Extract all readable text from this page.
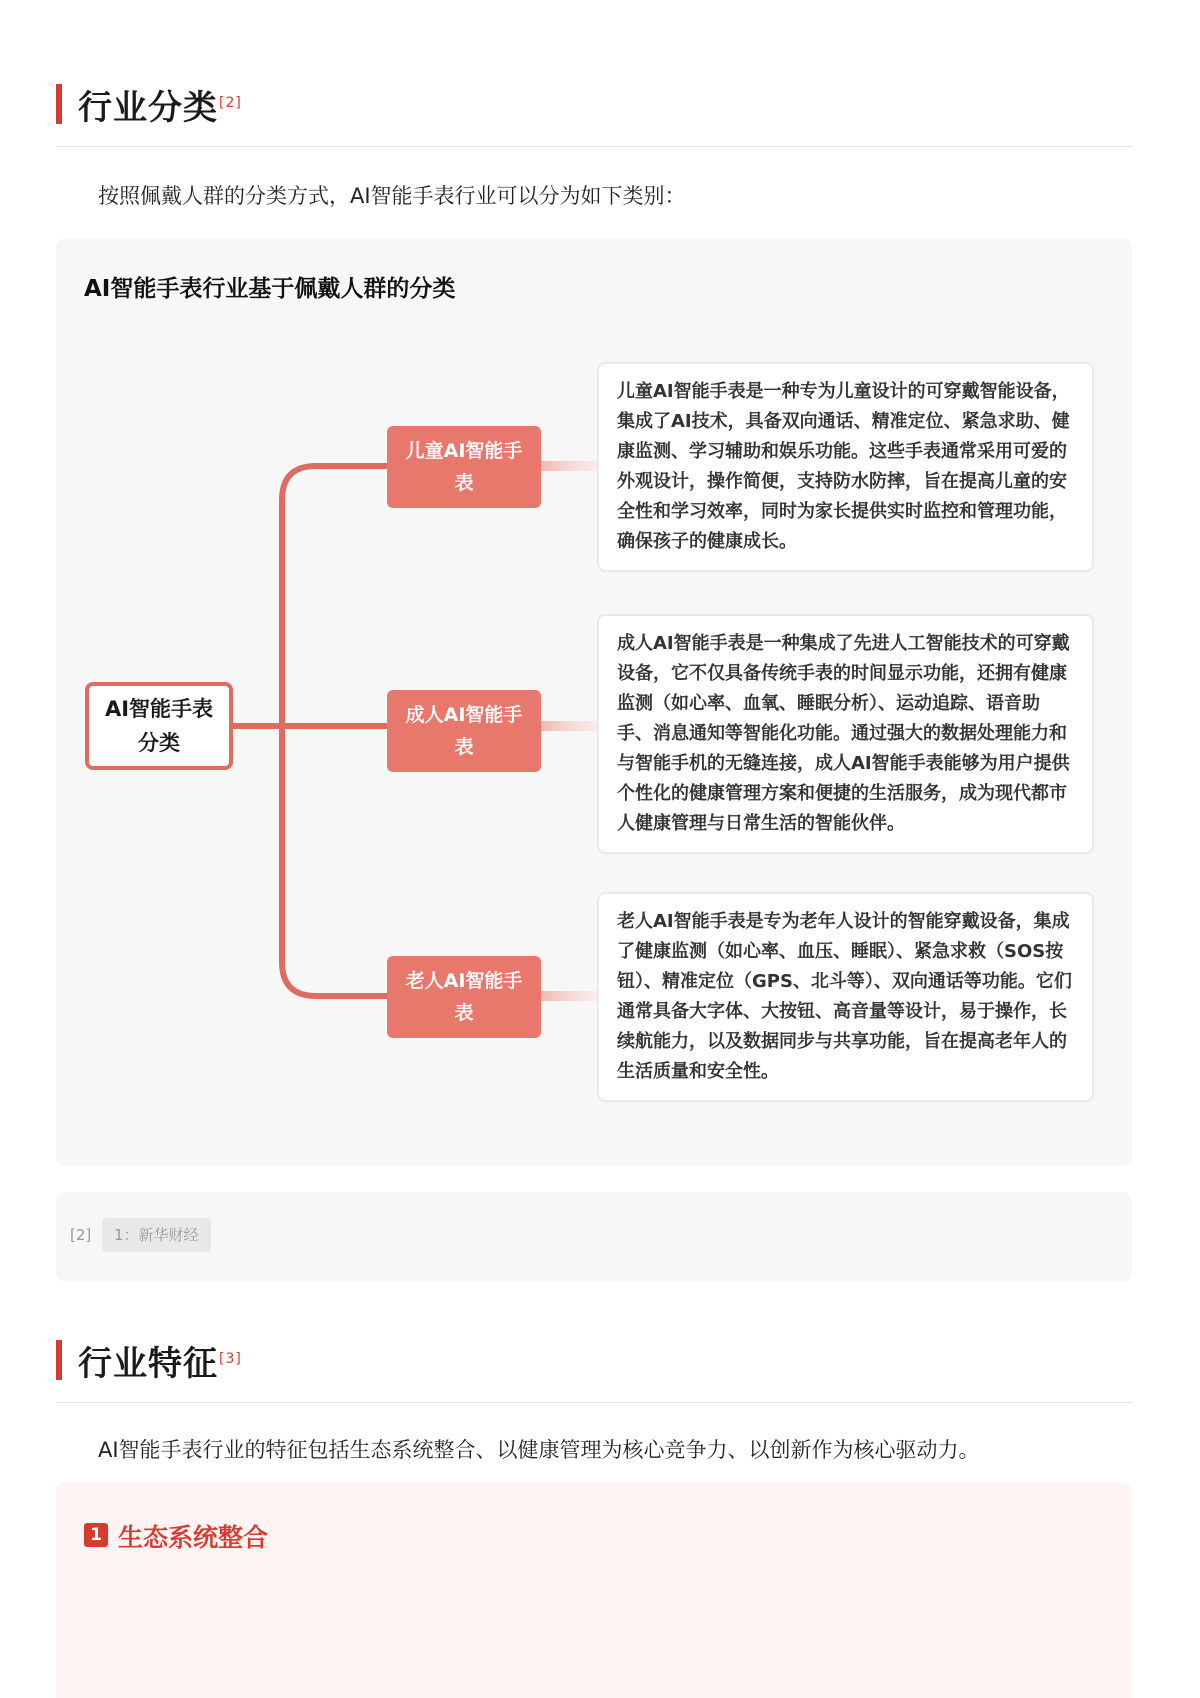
行业分类[2]
按照佩戴人群的分类方式，AI智能手表行业可以分为如下类别：
AI智能手表行业基于佩戴人群的分类
AI智能手表分类
儿童AI智能手表
成人AI智能手表
老人AI智能手表
儿童AI智能手表是一种专为儿童设计的可穿戴智能设备，集成了AI技术，具备双向通话、精准定位、紧急求助、健康监测、学习辅助和娱乐功能。这些手表通常采用可爱的外观设计，操作简便，支持防水防摔，旨在提高儿童的安全性和学习效率，同时为家长提供实时监控和管理功能，确保孩子的健康成长。
成人AI智能手表是一种集成了先进人工智能技术的可穿戴设备，它不仅具备传统手表的时间显示功能，还拥有健康监测（如心率、血氧、睡眠分析）、运动追踪、语音助手、消息通知等智能化功能。通过强大的数据处理能力和与智能手机的无缝连接，成人AI智能手表能够为用户提供个性化的健康管理方案和便捷的生活服务，成为现代都市人健康管理与日常生活的智能伙伴。
老人AI智能手表是专为老年人设计的智能穿戴设备，集成了健康监测（如心率、血压、睡眠）、紧急求救（SOS按钮）、精准定位（GPS、北斗等）、双向通话等功能。它们通常具备大字体、大按钮、高音量等设计，易于操作，长续航能力，以及数据同步与共享功能，旨在提高老年人的生活质量和安全性。
[2]	1：新华财经
行业特征[3]
AI智能手表行业的特征包括生态系统整合、以健康管理为核心竞争力、以创新作为核心驱动力。
1 生态系统整合
